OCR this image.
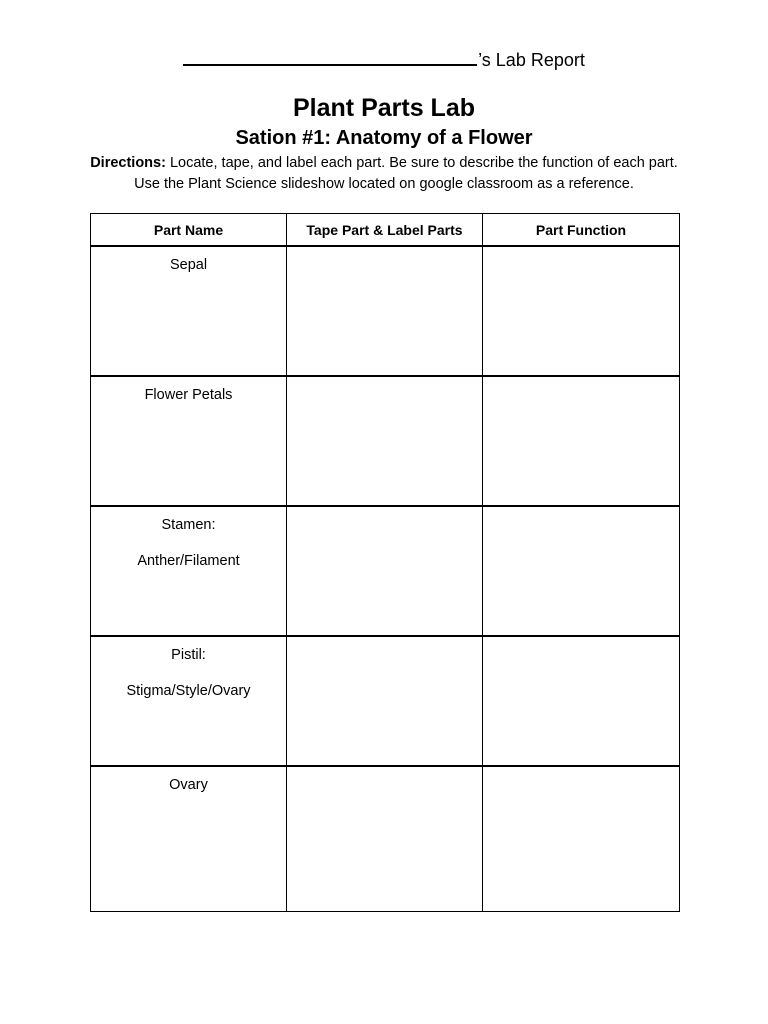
’s Lab Report
Plant Parts Lab
Sation #1: Anatomy of a Flower
Directions: Locate, tape, and label each part. Be sure to describe the function of each part. Use the Plant Science slideshow located on google classroom as a reference.
Part Name	Tape Part & Label Parts	Part Function

Sepal		

Flower Petals		

Stamen:
Anther/Filament		

Pistil:
Stigma/Style/Ovary		

Ovary		
